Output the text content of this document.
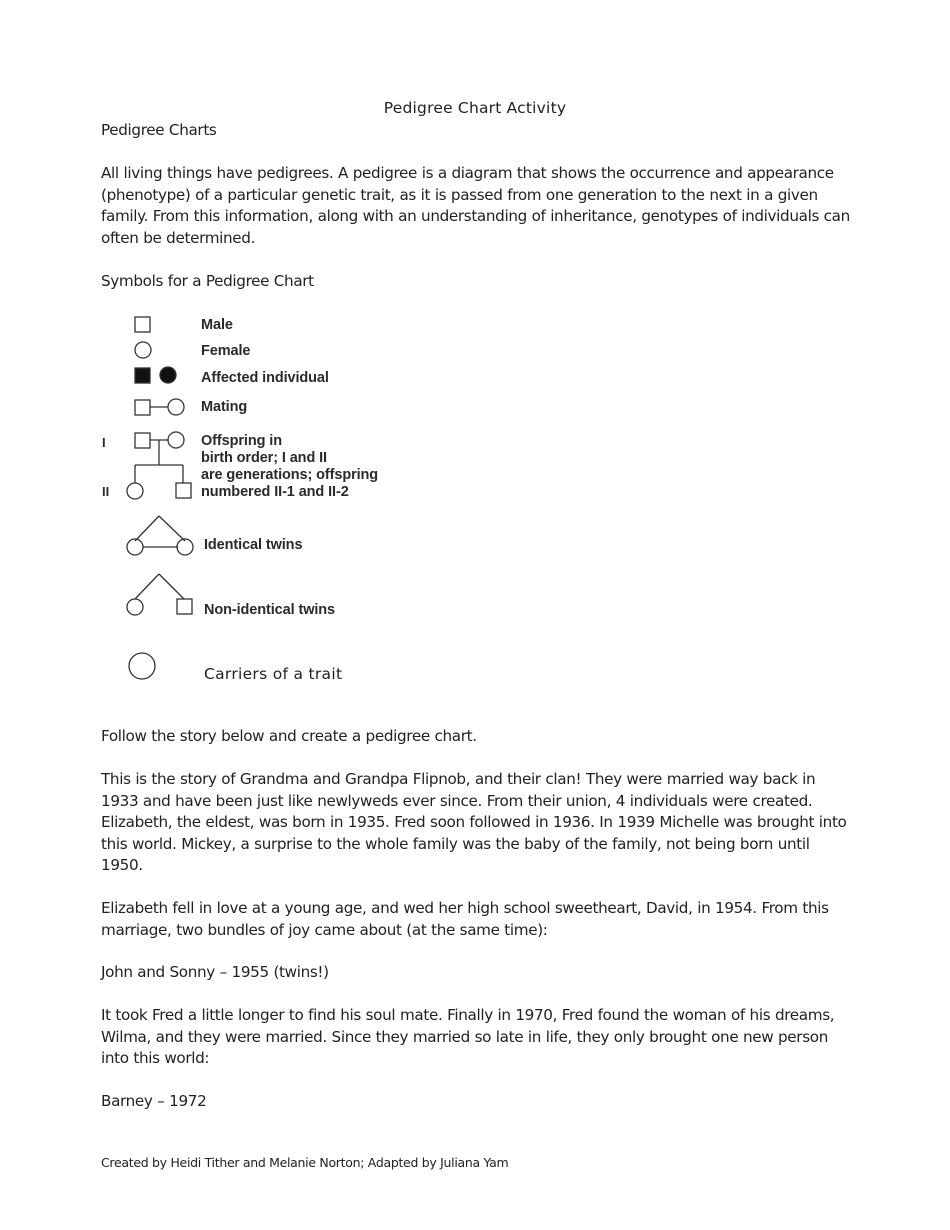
Pedigree Chart Activity
Pedigree Charts
All living things have pedigrees. A pedigree is a diagram that shows the occurrence and appearance (phenotype) of a particular genetic trait, as it is passed from one generation to the next in a given family. From this information, along with an understanding of inheritance, genotypes of individuals can often be determined.
Symbols for a Pedigree Chart
Male
Female
Affected individual
Mating
I
II
Offspring in
birth order; I and II
are generations; offspring
numbered II-1 and II-2
Identical twins
Non-identical twins
Carriers of a trait
Follow the story below and create a pedigree chart.
This is the story of Grandma and Grandpa Flipnob, and their clan! They were married way back in 1933 and have been just like newlyweds ever since. From their union, 4 individuals were created. Elizabeth, the eldest, was born in 1935. Fred soon followed in 1936. In 1939 Michelle was brought into this world. Mickey, a surprise to the whole family was the baby of the family, not being born until 1950.
Elizabeth fell in love at a young age, and wed her high school sweetheart, David, in 1954. From this marriage, two bundles of joy came about (at the same time):
John and Sonny – 1955 (twins!)
It took Fred a little longer to find his soul mate. Finally in 1970, Fred found the woman of his dreams, Wilma, and they were married. Since they married so late in life, they only brought one new person into this world:
Barney – 1972
Created by Heidi Tither and Melanie Norton; Adapted by Juliana Yam
